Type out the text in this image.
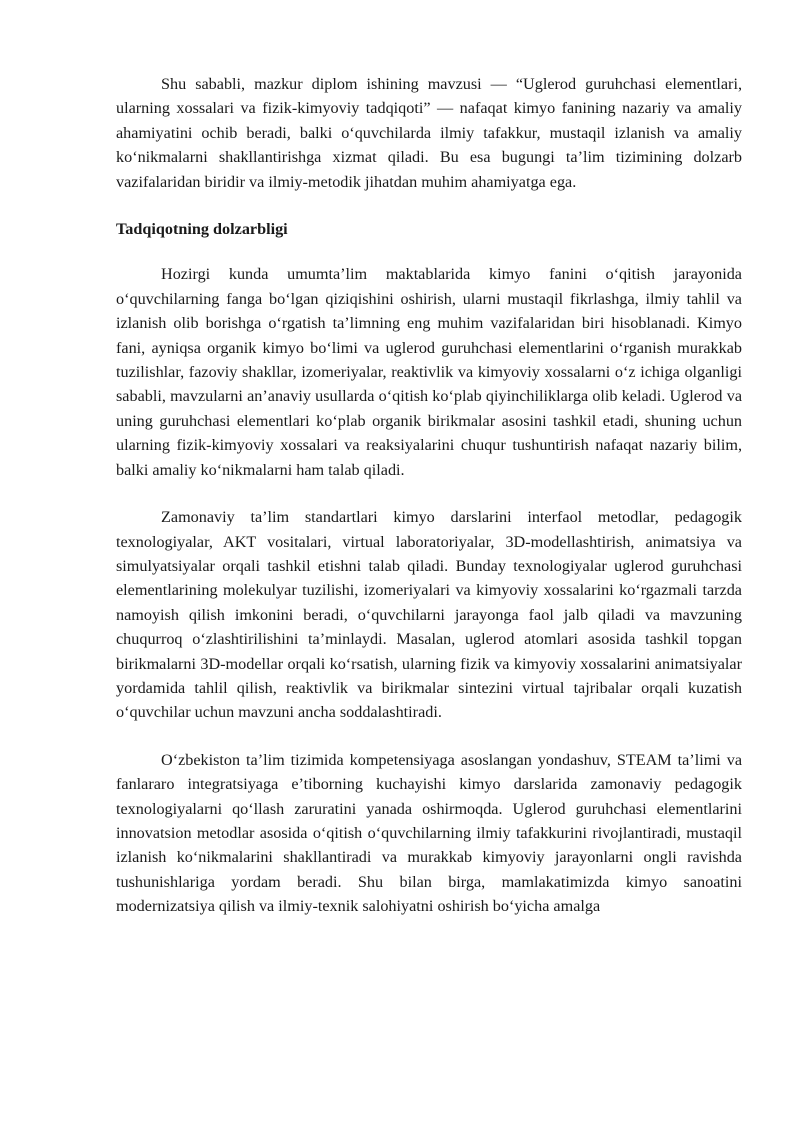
Shu sababli, mazkur diplom ishining mavzusi — “Uglerod guruhchasi elementlari, ularning xossalari va fizik-kimyoviy tadqiqoti” — nafaqat kimyo fanining nazariy va amaliy ahamiyatini ochib beradi, balki o‘quvchilarda ilmiy tafakkur, mustaqil izlanish va amaliy ko‘nikmalarni shakllantirishga xizmat qiladi. Bu esa bugungi ta’lim tizimining dolzarb vazifalaridan biridir va ilmiy-metodik jihatdan muhim ahamiyatga ega.

Tadqiqotning dolzarbligi

Hozirgi kunda umumta’lim maktablarida kimyo fanini o‘qitish jarayonida o‘quvchilarning fanga bo‘lgan qiziqishini oshirish, ularni mustaqil fikrlashga, ilmiy tahlil va izlanish olib borishga o‘rgatish ta’limning eng muhim vazifalaridan biri hisoblanadi. Kimyo fani, ayniqsa organik kimyo bo‘limi va uglerod guruhchasi elementlarini o‘rganish murakkab tuzilishlar, fazoviy shakllar, izomeriyalar, reaktivlik va kimyoviy xossalarni o‘z ichiga olganligi sababli, mavzularni an’anaviy usullarda o‘qitish ko‘plab qiyinchiliklarga olib keladi. Uglerod va uning guruhchasi elementlari ko‘plab organik birikmalar asosini tashkil etadi, shuning uchun ularning fizik-kimyoviy xossalari va reaksiyalarini chuqur tushuntirish nafaqat nazariy bilim, balki amaliy ko‘nikmalarni ham talab qiladi.

Zamonaviy ta’lim standartlari kimyo darslarini interfaol metodlar, pedagogik texnologiyalar, AKT vositalari, virtual laboratoriyalar, 3D-modellashtirish, animatsiya va simulyatsiyalar orqali tashkil etishni talab qiladi. Bunday texnologiyalar uglerod guruhchasi elementlarining molekulyar tuzilishi, izomeriyalari va kimyoviy xossalarini ko‘rgazmali tarzda namoyish qilish imkonini beradi, o‘quvchilarni jarayonga faol jalb qiladi va mavzuning chuqurroq o‘zlashtirilishini ta’minlaydi. Masalan, uglerod atomlari asosida tashkil topgan birikmalarni 3D-modellar orqali ko‘rsatish, ularning fizik va kimyoviy xossalarini animatsiyalar yordamida tahlil qilish, reaktivlik va birikmalar sintezini virtual tajribalar orqali kuzatish o‘quvchilar uchun mavzuni ancha soddalashtiradi.

O‘zbekiston ta’lim tizimida kompetensiyaga asoslangan yondashuv, STEAM ta’limi va fanlararo integratsiyaga e’tiborning kuchayishi kimyo darslarida zamonaviy pedagogik texnologiyalarni qo‘llash zaruratini yanada oshirmoqda. Uglerod guruhchasi elementlarini innovatsion metodlar asosida o‘qitish o‘quvchilarning ilmiy tafakkurini rivojlantiradi, mustaqil izlanish ko‘nikmalarini shakllantiradi va murakkab kimyoviy jarayonlarni ongli ravishda tushunishlariga yordam beradi. Shu bilan birga, mamlakatimizda kimyo sanoatini modernizatsiya qilish va ilmiy-texnik salohiyatni oshirish bo‘yicha amalga
